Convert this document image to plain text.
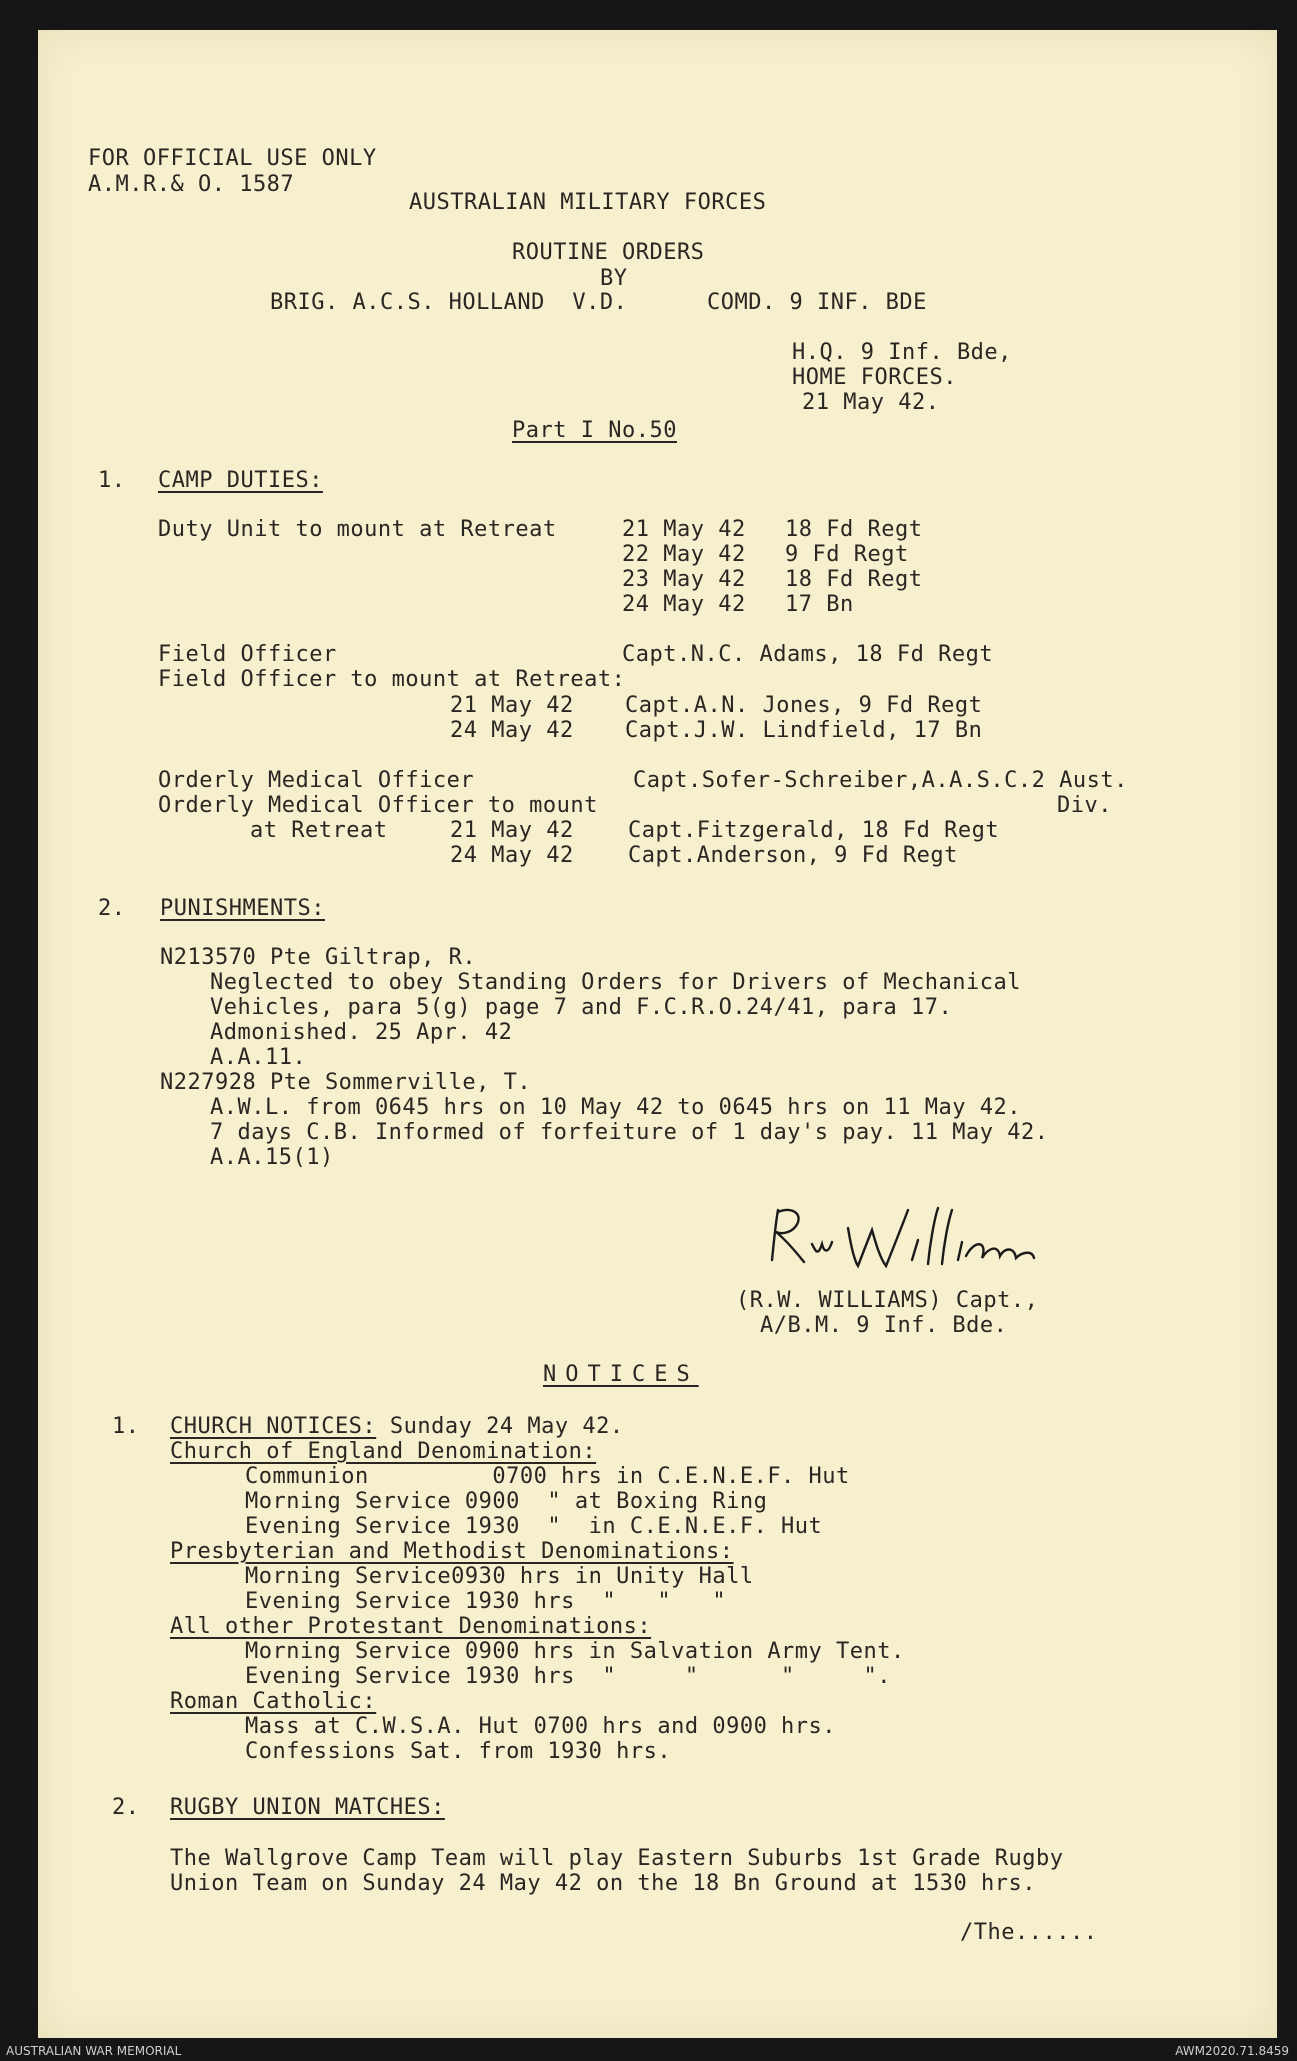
FOR OFFICIAL USE ONLY
A.M.R.& O. 1587
AUSTRALIAN MILITARY FORCES
ROUTINE ORDERS
BY
BRIG. A.C.S. HOLLAND  V.D.	COMD. 9 INF. BDE
H.Q. 9 Inf. Bde,
HOME FORCES.
21 May 42.
Part I No.50
1. CAMP DUTIES:
Duty Unit to mount at Retreat	21 May 42 18 Fd Regt
22 May 42 9 Fd Regt
23 May 42 18 Fd Regt
24 May 42 17 Bn
Field Officer	Capt.N.C. Adams, 18 Fd Regt
Field Officer to mount at Retreat:
21 May 42 Capt.A.N. Jones, 9 Fd Regt
24 May 42 Capt.J.W. Lindfield, 17 Bn
Orderly Medical Officer	Capt.Sofer-Schreiber,A.A.S.C.2 Aust.
Div.
Orderly Medical Officer to mount
at Retreat	21 May 42 Capt.Fitzgerald, 18 Fd Regt
24 May 42 Capt.Anderson, 9 Fd Regt
2. PUNISHMENTS:
N213570 Pte Giltrap, R.
Neglected to obey Standing Orders for Drivers of Mechanical
Vehicles, para 5(g) page 7 and F.C.R.O.24/41, para 17.
Admonished. 25 Apr. 42
A.A.11.
N227928 Pte Sommerville, T.
A.W.L. from 0645 hrs on 10 May 42 to 0645 hrs on 11 May 42.
7 days C.B. Informed of forfeiture of 1 day's pay. 11 May 42.
A.A.15(1)
(R.W. WILLIAMS) Capt.,
A/B.M. 9 Inf. Bde.
NOTICES
1. CHURCH NOTICES: Sunday 24 May 42.
Church of England Denomination:
Communion         0700 hrs in C.E.N.E.F. Hut
Morning Service 0900  " at Boxing Ring
Evening Service 1930  "  in C.E.N.E.F. Hut
Presbyterian and Methodist Denominations:
Morning Service0930 hrs in Unity Hall
Evening Service 1930 hrs  "   "   "
All other Protestant Denominations:
Morning Service 0900 hrs in Salvation Army Tent.
Evening Service 1930 hrs  "     "      "     ".
Roman Catholic:
Mass at C.W.S.A. Hut 0700 hrs and 0900 hrs.
Confessions Sat. from 1930 hrs.
2. RUGBY UNION MATCHES:
The Wallgrove Camp Team will play Eastern Suburbs 1st Grade Rugby
Union Team on Sunday 24 May 42 on the 18 Bn Ground at 1530 hrs.
/The......
AUSTRALIAN WAR MEMORIAL	AWM2020.71.8459
